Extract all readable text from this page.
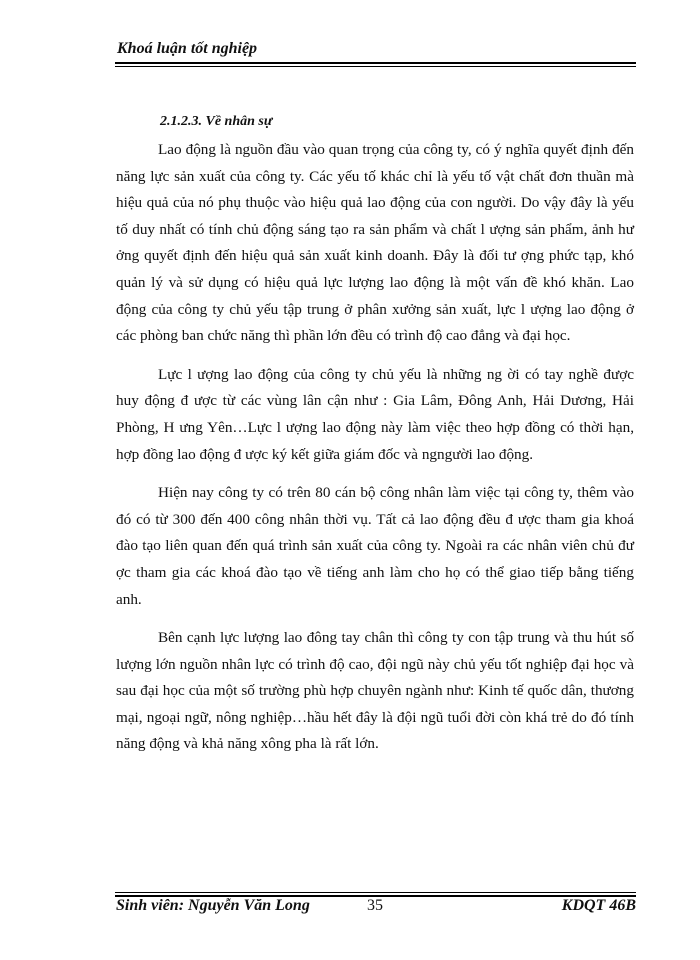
Khoá luận tốt nghiệp
2.1.2.3. Về nhân sự

Lao động là nguồn đầu vào quan trọng của công ty, có ý nghĩa quyết định đến năng lực sản xuất của công ty. Các yếu tố khác chỉ là yếu tố vật chất đơn thuần mà hiệu quả của nó phụ thuộc vào hiệu quả lao động của con người. Do vậy đây là yếu tố duy nhất có tính chủ động sáng tạo ra sản phẩm và chất l ượng sản phẩm, ảnh hư ởng quyết định đến hiệu quả sản xuất kinh doanh. Đây là đối tư ợng phức tạp, khó quản lý và sử dụng có hiệu quả lực lượng lao động là một vấn đề khó khăn. Lao động của công ty chủ yếu tập trung ở phân xưởng sản xuất, lực l ượng lao động ở các phòng ban chức năng thì phần lớn đều có trình độ cao đẳng và đại học.

Lực l ượng lao động của công ty chủ yếu là những ng ời có tay nghề được huy động đ ược từ các vùng lân cận như : Gia Lâm, Đông Anh, Hải Dương, Hải Phòng, H ưng Yên…Lực l ượng lao động này làm việc theo hợp đồng có thời hạn, hợp đồng lao động đ ược ký kết giữa giám đốc và ngngười lao động.

Hiện nay công ty có trên 80 cán bộ công nhân làm việc tại công ty, thêm vào đó có từ 300 đến 400 công nhân thời vụ. Tất cả lao động đều đ ược tham gia khoá đào tạo liên quan đến quá trình sản xuất của công ty. Ngoài ra các nhân viên chủ đư ợc tham gia các khoá đào tạo về tiếng anh làm cho họ có thể giao tiếp bằng tiếng anh.

Bên cạnh lực lượng lao đông tay chân thì công ty con tập trung và thu hút số lượng lớn nguồn nhân lực có trình độ cao, đội ngũ này chủ yếu tốt nghiệp đại học và sau đại học của một số trường phù hợp chuyên ngành như: Kinh tế quốc dân, thương mại, ngoại ngữ, nông nghiệp…hầu hết đây là đội ngũ tuổi đời còn khá trẻ do đó tính năng động và khả năng xông pha là rất lớn.

Sinh viên: Nguyễn Văn Long	35	KDQT 46B
